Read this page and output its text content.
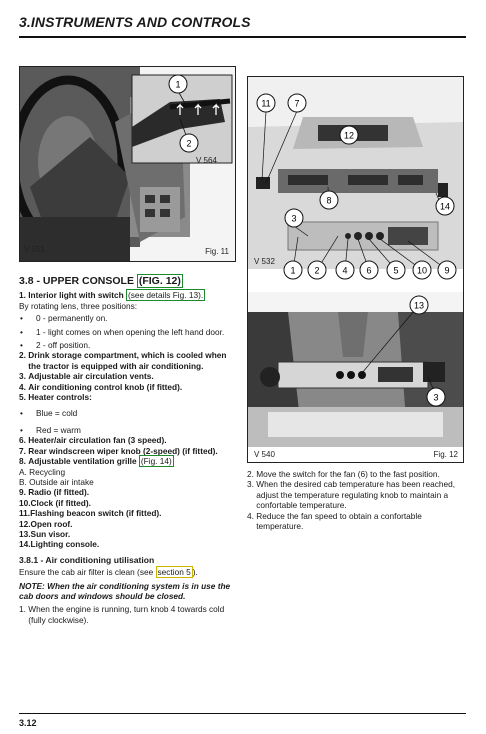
3.INSTRUMENTS AND CONTROLS
1
2
V 551
V 564
Fig. 11
11	7
12
8
14
3
1 2	4 6 5 10 9
13
3
V 532
V 540	Fig. 12
3.8 - UPPER CONSOLE (FIG. 12)
1. Interior light with switch (see details Fig. 13).
By rotating lens, three positions:
•	0 - permanently on.
•	1 - light comes on when opening the left hand door.
•	2 - off position.
2. Drink storage compartment, which is cooled when the tractor is equipped with air conditioning.
3. Adjustable air circulation vents.
4. Air conditioning control knob (if fitted).
5. Heater controls:
•	Blue = cold
•	Red = warm
6. Heater/air circulation fan (3 speed).
7. Rear windscreen wiper knob (2-speed) (if fitted).
8. Adjustable ventilation grille (Fig. 14)
A. Recycling
B. Outside air intake
9. Radio (if fitted).
10. Clock (if fitted).
11. Flashing beacon switch (if fitted).
12. Open roof.
13. Sun visor.
14. Lighting console.
3.8.1 - Air conditioning utilisation
Ensure the cab air filter is clean (see section 5 ).
NOTE: When the air conditioning system is in use the cab doors and windows should be closed.
1. When the engine is running, turn knob 4 towards cold (fully clockwise).
2. Move the switch for the fan (6) to the fast position.
3. When the desired cab temperature has been reached, adjust the temperature regulating knob to maintain a confortable temperature.
4. Reduce the fan speed to obtain a confortable temperature.
3.12
